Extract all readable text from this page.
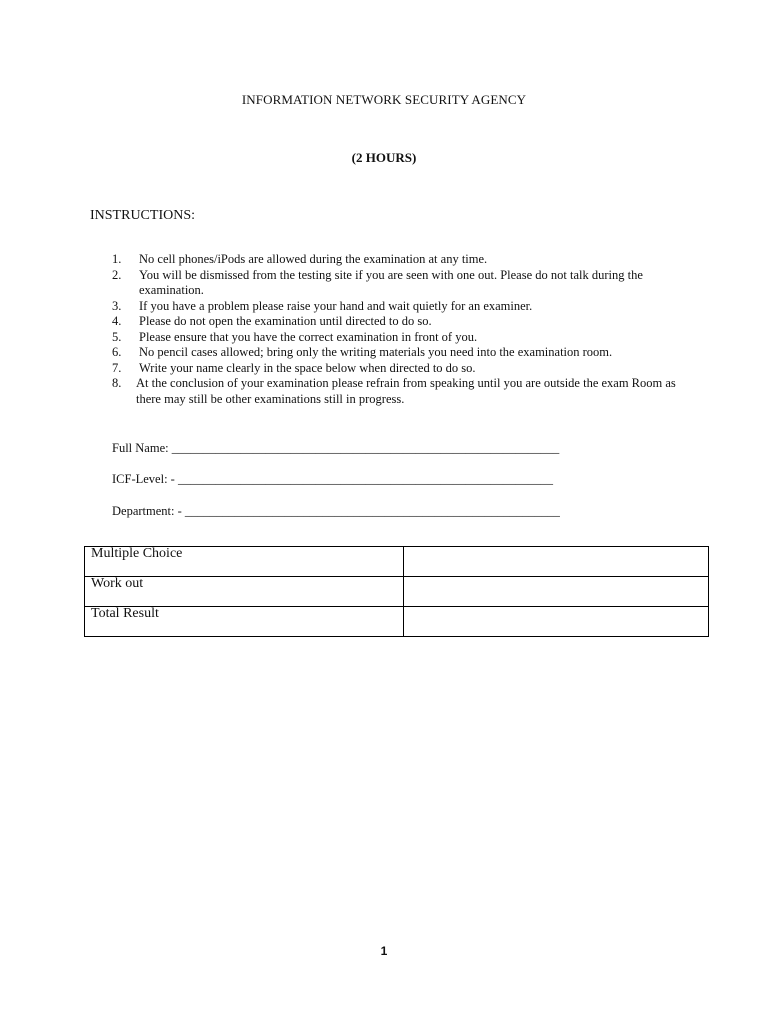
INFORMATION NETWORK SECURITY AGENCY
(2 HOURS)
INSTRUCTIONS:
1. No cell phones/iPods are allowed during the examination at any time.
2. You will be dismissed from the testing site if you are seen with one out. Please do not talk during the examination.
3. If you have a problem please raise your hand and wait quietly for an examiner.
4. Please do not open the examination until directed to do so.
5. Please ensure that you have the correct examination in front of you.
6. No pencil cases allowed; bring only the writing materials you need into the examination room.
7. Write your name clearly in the space below when directed to do so.
8. At the conclusion of your examination please refrain from speaking until you are outside the exam Room as there may still be other examinations still in progress.
Full Name: ______________________________________________________________
ICF-Level: - ____________________________________________________________
Department: - ____________________________________________________________
Multiple Choice	
Work out	
Total Result	
1
